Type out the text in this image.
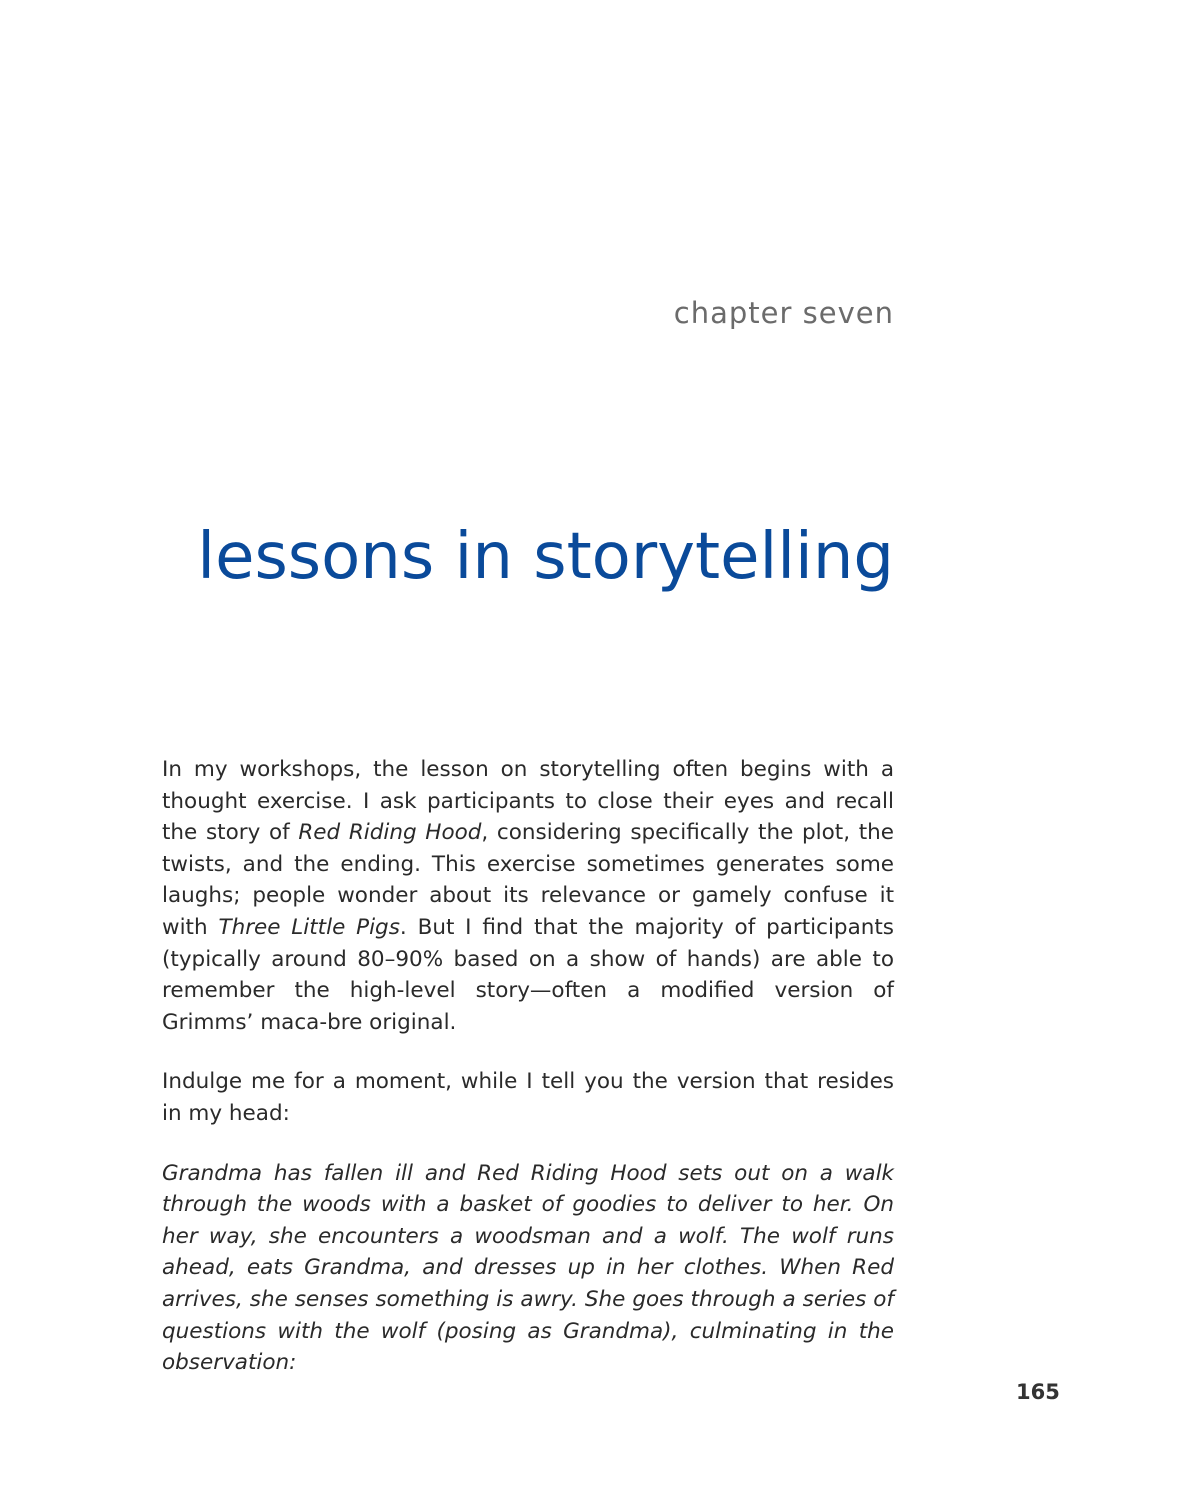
chapter seven
lessons in storytelling

In my workshops, the lesson on storytelling often begins with a thought exercise. I ask participants to close their eyes and recall the story of Red Riding Hood, considering specifically the plot, the twists, and the ending. This exercise sometimes generates some laughs; people wonder about its relevance or gamely confuse it with Three Little Pigs. But I find that the majority of participants (typically around 80–90% based on a show of hands) are able to remember the high-level story—often a modified version of Grimms’ maca-bre original.

Indulge me for a moment, while I tell you the version that resides in my head:

Grandma has fallen ill and Red Riding Hood sets out on a walk through the woods with a basket of goodies to deliver to her. On her way, she encounters a woodsman and a wolf. The wolf runs ahead, eats Grandma, and dresses up in her clothes. When Red arrives, she senses something is awry. She goes through a series of questions with the wolf (posing as Grandma), culminating in the observation:

165
